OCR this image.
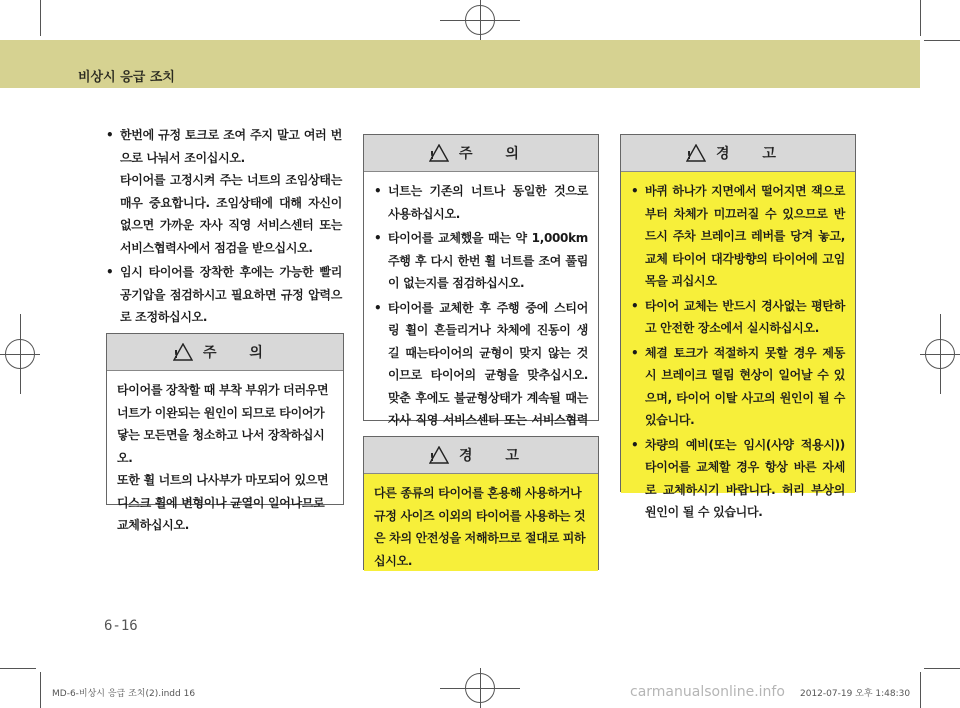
비상시 응급 조치
• 한번에 규정 토크로 조여 주지 말고 여러 번으로 나눠서 조이십시오.
타이어를 고정시켜 주는 너트의 조임상태는 매우 중요합니다. 조임상태에 대해 자신이 없으면 가까운 자사 직영 서비스센터 또는 서비스협력사에서 점검을 받으십시오.
• 임시 타이어를 장착한 후에는 가능한 빨리 공기압을 점검하시고 필요하면 규정 압력으로 조정하십시오.
! 주 의

타이어를 장착할 때 부착 부위가 더러우면 너트가 이완되는 원인이 되므로 타이어가 닿는 모든면을 청소하고 나서 장착하십시오.
또한 휠 너트의 나사부가 마모되어 있으면 디스크 휠에 변형이나 균열이 일어나므로 교체하십시오.

! 주 의
• 너트는 기존의 너트나 동일한 것으로 사용하십시오.
• 타이어를 교체했을 때는 약 1,000km 주행 후 다시 한번 휠 너트를 조여 풀림이 없는지를 점검하십시오.
• 타이어를 교체한 후 주행 중에 스티어링 휠이 흔들리거나 차체에 진동이 생길 때는타이어의 균형이 맞지 않는 것이므로 타이어의 균형을 맞추십시오. 맞춘 후에도 불균형상태가 계속될 때는 자사 직영 서비스센터 또는 서비스협력
! 경 고

다른 종류의 타이어를 혼용해 사용하거나 규정 사이즈 이외의 타이어를 사용하는 것은 차의 안전성을 저해하므로 절대로 피하십시오.

! 경 고
• 바퀴 하나가 지면에서 떨어지면 잭으로부터 차체가 미끄러질 수 있으므로 반드시 주차 브레이크 레버를 당겨 놓고, 교체 타이어 대각방향의 타이어에 고임목을 괴십시오
• 타이어 교체는 반드시 경사없는 평탄하고 안전한 장소에서 실시하십시오.
• 체결 토크가 적절하지 못할 경우 제동시 브레이크 떨림 현상이 일어날 수 있으며, 타이어 이탈 사고의 원인이 될 수있습니다.
• 차량의 예비(또는 임시(사양 적용시)) 타이어를 교체할 경우 항상 바른 자세로 교체하시기 바랍니다. 허리 부상의 원인이 될 수 있습니다.
6-16
MD-6-비상시 응급 조치(2).indd 16	carmanualsonline.info 2012-07-19 오후 1:48:30
